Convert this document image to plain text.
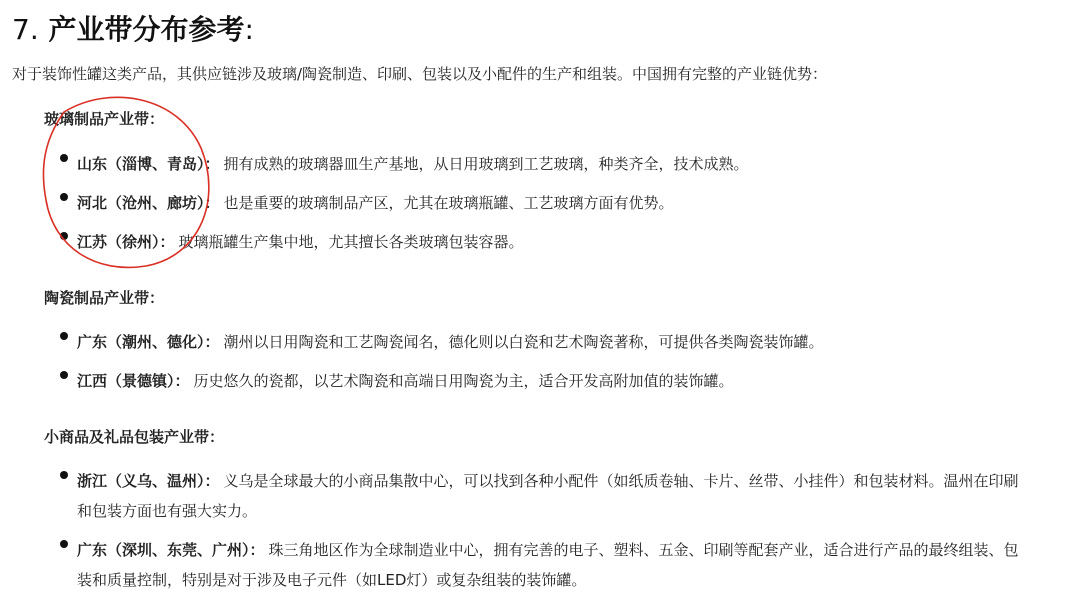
7. 产业带分布参考:

对于装饰性罐这类产品，其供应链涉及玻璃/陶瓷制造、印刷、包装以及小配件的生产和组装。中国拥有完整的产业链优势：

玻璃制品产业带：
山东（淄博、青岛） ： 拥有成熟的玻璃器皿生产基地，从日用玻璃到工艺玻璃，种类齐全，技术成熟。
河北（沧州、廊坊） ： 也是重要的玻璃制品产区，尤其在玻璃瓶罐、工艺玻璃方面有优势。
江苏（徐州） ： 玻璃瓶罐生产集中地，尤其擅长各类玻璃包装容器。
陶瓷制品产业带：
广东（潮州、德化） ： 潮州以日用陶瓷和工艺陶瓷闻名，德化则以白瓷和艺术陶瓷著称，可提供各类陶瓷装饰罐。
江西（景德镇） ： 历史悠久的瓷都，以艺术陶瓷和高端日用陶瓷为主，适合开发高附加值的装饰罐。
小商品及礼品包装产业带：
浙江（义乌、温州） ： 义乌是全球最大的小商品集散中心，可以找到各种小配件（如纸质卷轴、卡片、丝带、小挂件）和包装材料。温州在印刷和包装方面也有强大实力。
广东（深圳、东莞、广州） ： 珠三角地区作为全球制造业中心，拥有完善的电子、塑料、五金、印刷等配套产业，适合进行产品的最终组装、包装和质量控制，特别是对于涉及电子元件（如LED灯）或复杂组装的装饰罐。
